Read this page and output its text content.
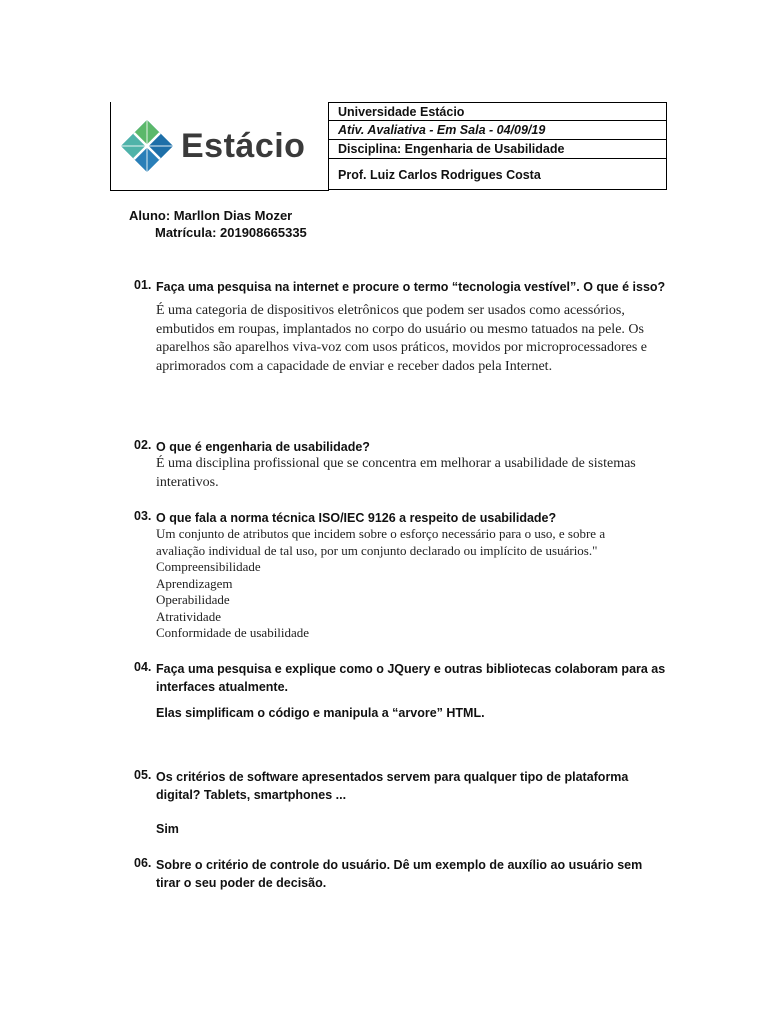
Estácio
Universidade Estácio
Ativ. Avaliativa - Em Sala - 04/09/19
Disciplina: Engenharia de Usabilidade
Prof. Luiz Carlos Rodrigues Costa
Aluno: Marllon Dias Mozer
Matrícula: 201908665335
01. Faça uma pesquisa na internet e procure o termo “tecnologia vestível”. O que é isso?
É uma categoria de dispositivos eletrônicos que podem ser usados como acessórios, embutidos em roupas, implantados no corpo do usuário ou mesmo tatuados na pele. Os aparelhos são aparelhos viva-voz com usos práticos, movidos por microprocessadores e aprimorados com a capacidade de enviar e receber dados pela Internet.
02. O que é engenharia de usabilidade?
É uma disciplina profissional que se concentra em melhorar a usabilidade de sistemas interativos.
03. O que fala a norma técnica ISO/IEC 9126 a respeito de usabilidade?
Um conjunto de atributos que incidem sobre o esforço necessário para o uso, e sobre a avaliação individual de tal uso, por um conjunto declarado ou implícito de usuários."
Compreensibilidade
Aprendizagem
Operabilidade
Atratividade
Conformidade de usabilidade
04. Faça uma pesquisa e explique como o JQuery e outras bibliotecas colaboram para as interfaces atualmente.
Elas simplificam o código e manipula a “arvore” HTML.
05. Os critérios de software apresentados servem para qualquer tipo de plataforma digital? Tablets, smartphones ...
Sim
06. Sobre o critério de controle do usuário. Dê um exemplo de auxílio ao usuário sem tirar o seu poder de decisão.
